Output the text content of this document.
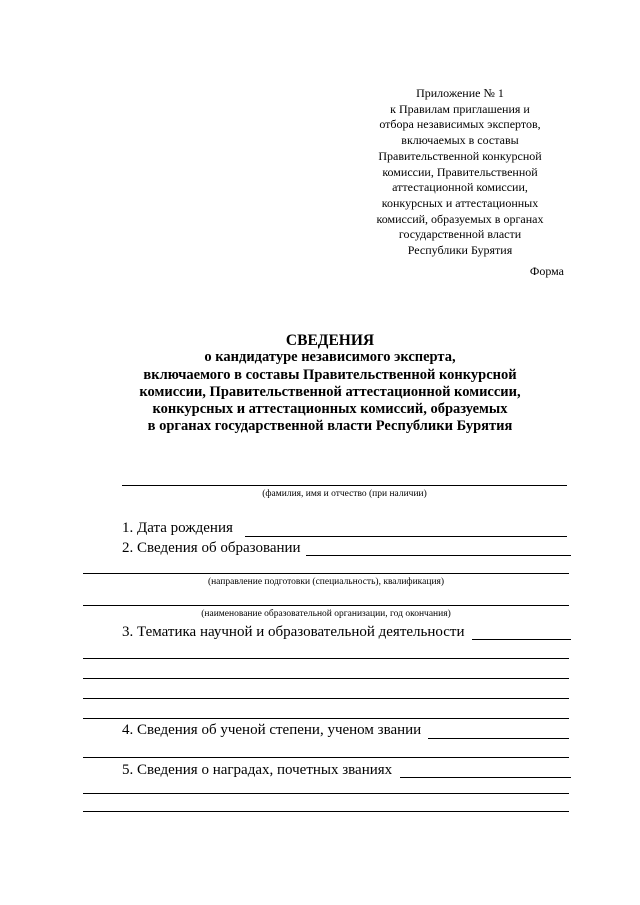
Приложение № 1
к Правилам приглашения и
отбора независимых экспертов,
включаемых в составы
Правительственной конкурсной
комиссии, Правительственной
аттестационной комиссии,
конкурсных и аттестационных
комиссий, образуемых в органах
государственной власти
Республики Бурятия
Форма
СВЕДЕНИЯ
о кандидатуре независимого эксперта,
включаемого в составы Правительственной конкурсной
комиссии, Правительственной аттестационной комиссии,
конкурсных и аттестационных комиссий, образуемых
в органах государственной власти Республики Бурятия
(фамилия, имя и отчество (при наличии)
1. Дата рождения
2. Сведения об образовании
(направление подготовки (специальность), квалификация)
(наименование образовательной организации, год окончания)
3. Тематика научной и образовательной деятельности
4. Сведения об ученой степени, ученом звании
5. Сведения о наградах, почетных званиях
